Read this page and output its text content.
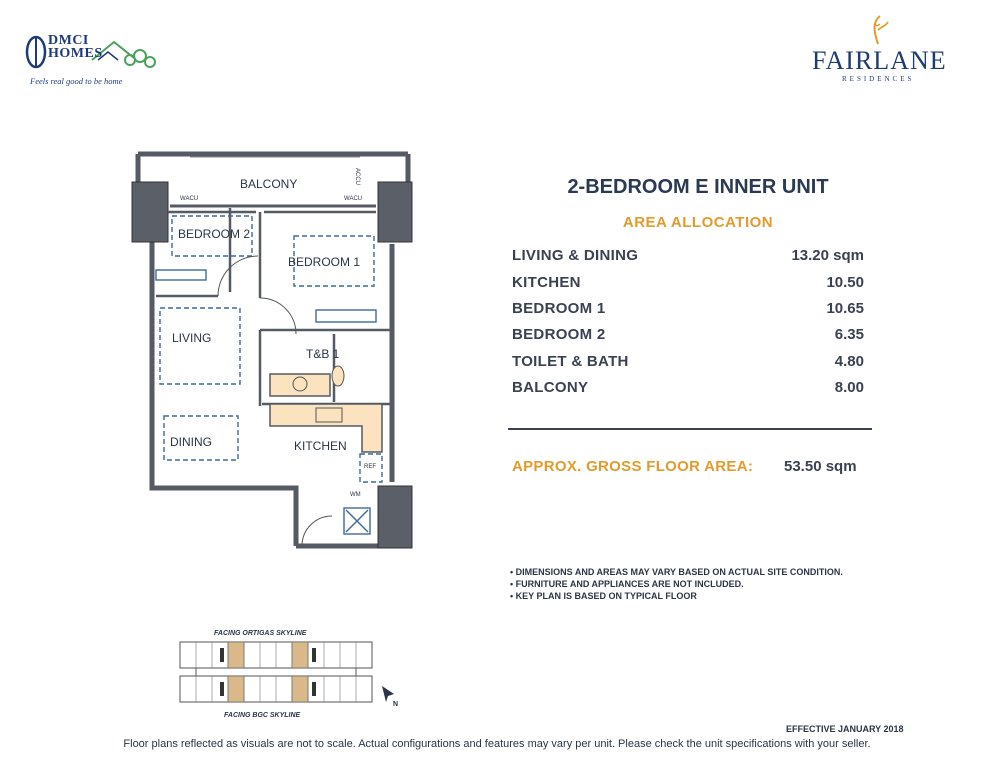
DMCI
HOMES
Feels real good to be home
FAIRLANE
RESIDENCES
BALCONY
BEDROOM 2
BEDROOM 1
LIVING
T&B 1
DINING	KITCHEN
WACU	WACU
ACCU
REF
WM
2-BEDROOM E INNER UNIT
AREA ALLOCATION
LIVING & DINING	13.20 sqm
KITCHEN	10.50
BEDROOM 1	10.65
BEDROOM 2	6.35
TOILET & BATH	4.80
BALCONY	8.00
APPROX. GROSS FLOOR AREA: 53.50 sqm
• DIMENSIONS AND AREAS MAY VARY BASED ON ACTUAL SITE CONDITION.
• FURNITURE AND APPLIANCES ARE NOT INCLUDED.
• KEY PLAN IS BASED ON TYPICAL FLOOR
FACING ORTIGAS SKYLINE
FACING BGC SKYLINE
N
EFFECTIVE JANUARY 2018
Floor plans reflected as visuals are not to scale. Actual configurations and features may vary per unit. Please check the unit specifications with your seller.
